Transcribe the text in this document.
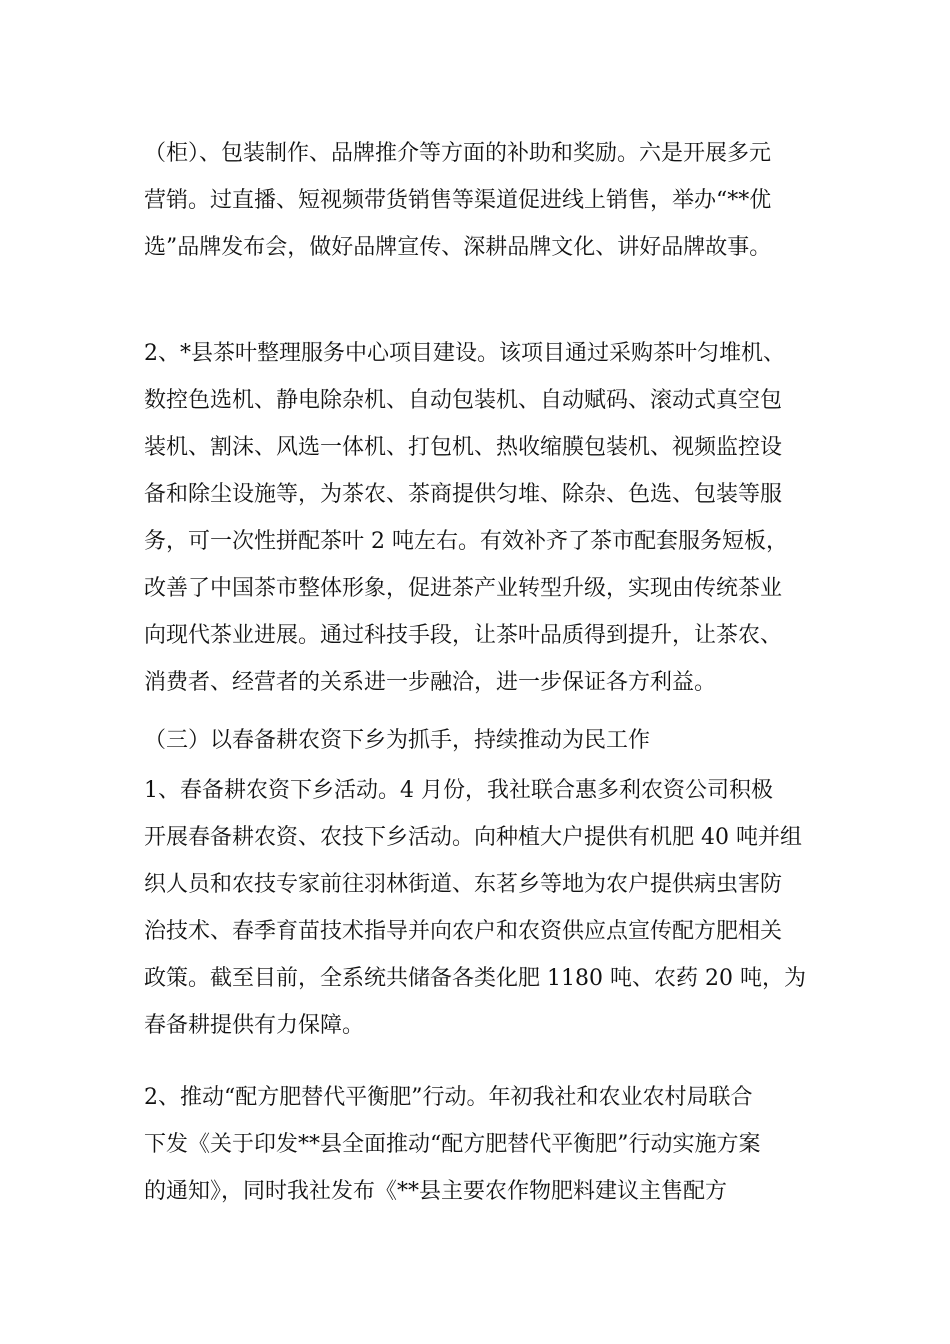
（柜）、包装制作、品牌推介等方面的补助和奖励。六是开展多元
营销。过直播、短视频带货销售等渠道促进线上销售，举办“**优
选”品牌发布会，做好品牌宣传、深耕品牌文化、讲好品牌故事。
2、*县茶叶整理服务中心项目建设。该项目通过采购茶叶匀堆机、
数控色选机、静电除杂机、自动包装机、自动赋码、滚动式真空包
装机、割沫、风选一体机、打包机、热收缩膜包装机、视频监控设
备和除尘设施等，为茶农、茶商提供匀堆、除杂、色选、包装等服
务，可一次性拼配茶叶 2 吨左右。有效补齐了茶市配套服务短板，
改善了中国茶市整体形象，促进茶产业转型升级，实现由传统茶业
向现代茶业进展。通过科技手段，让茶叶品质得到提升，让茶农、
消费者、经营者的关系进一步融洽，进一步保证各方利益。
（三）以春备耕农资下乡为抓手，持续推动为民工作
1、春备耕农资下乡活动。4 月份，我社联合惠多利农资公司积极
开展春备耕农资、农技下乡活动。向种植大户提供有机肥 40 吨并组
织人员和农技专家前往羽林街道、东茗乡等地为农户提供病虫害防
治技术、春季育苗技术指导并向农户和农资供应点宣传配方肥相关
政策。截至目前，全系统共储备各类化肥 1180 吨、农药 20 吨，为
春备耕提供有力保障。
2、推动“配方肥替代平衡肥”行动。年初我社和农业农村局联合
下发《关于印发**县全面推动“配方肥替代平衡肥”行动实施方案
的通知》，同时我社发布《**县主要农作物肥料建议主售配方
